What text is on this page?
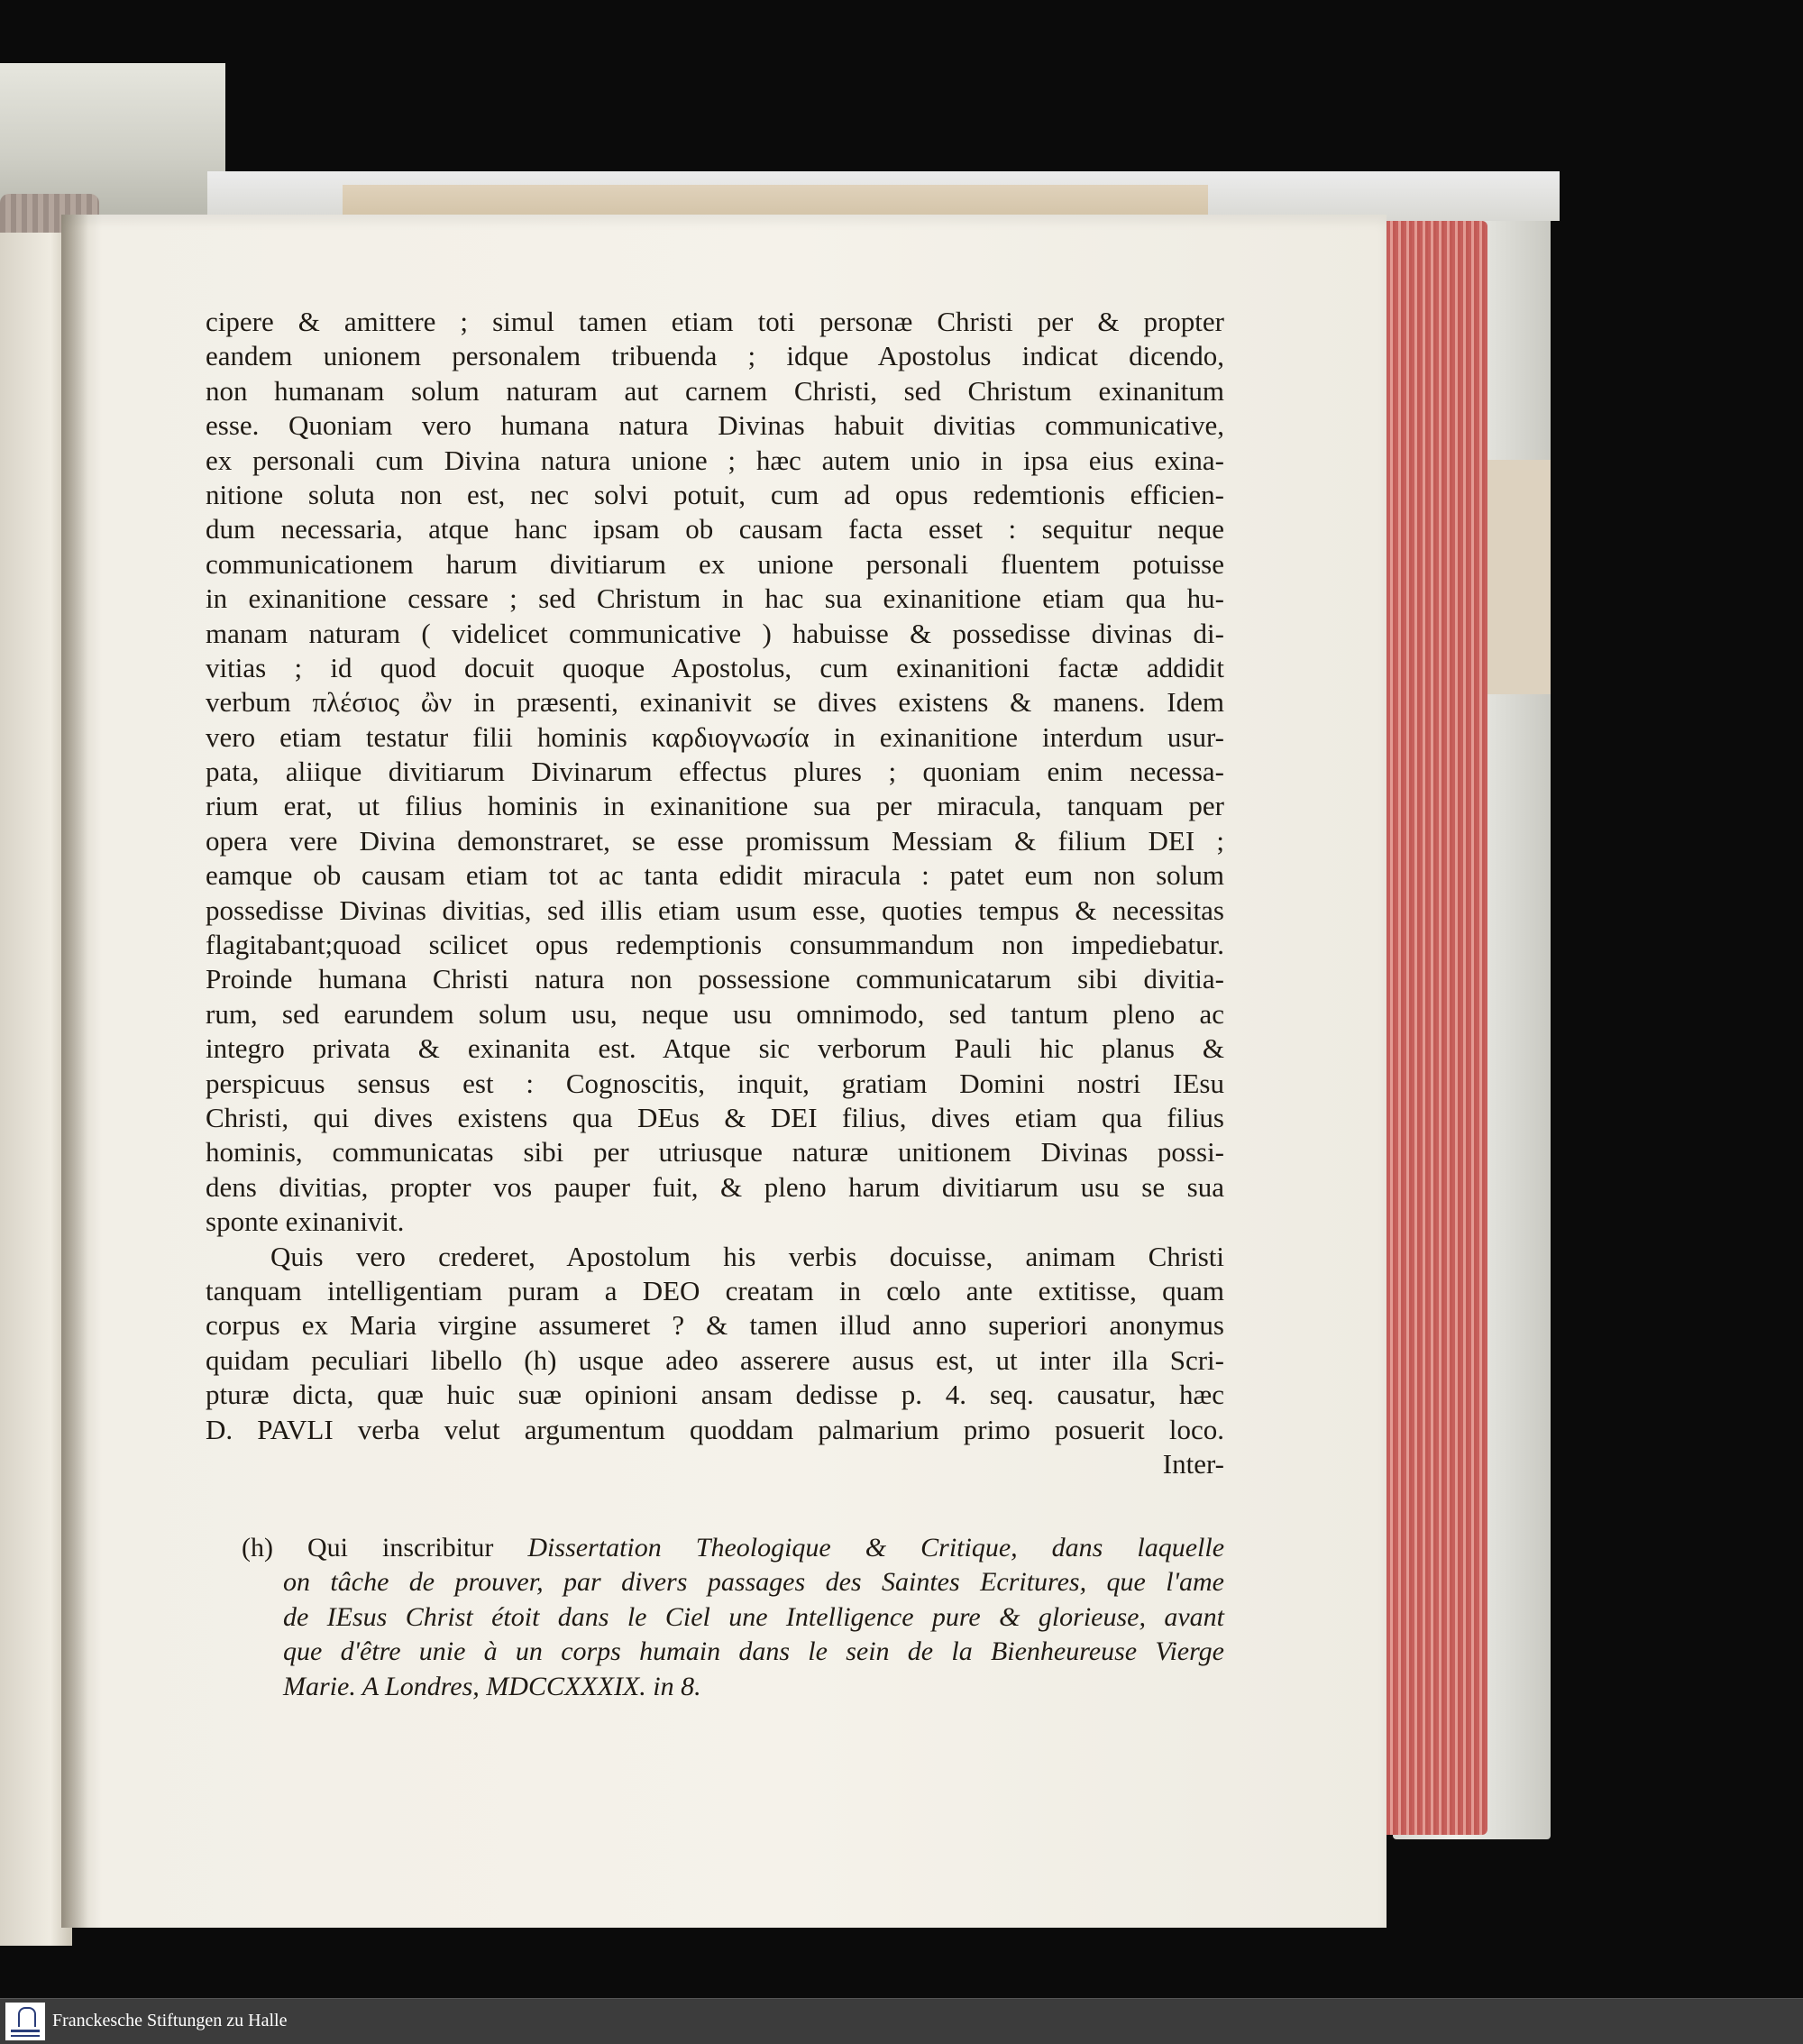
cipere & amittere ; simul tamen etiam toti personæ Christi per & propter
eandem unionem personalem tribuenda ; idque Apostolus indicat dicendo,
non humanam solum naturam aut carnem Christi, sed Christum exinanitum
esse. Quoniam vero humana natura Divinas habuit divitias communicative,
ex personali cum Divina natura unione ; hæc autem unio in ipsa eius exina-
nitione soluta non est, nec solvi potuit, cum ad opus redemtionis efficien-
dum necessaria, atque hanc ipsam ob causam facta esset : sequitur neque
communicationem harum divitiarum ex unione personali fluentem potuisse
in exinanitione cessare ; sed Christum in hac sua exinanitione etiam qua hu-
manam naturam ( videlicet communicative ) habuisse & possedisse divinas di-
vitias ; id quod docuit quoque Apostolus, cum exinanitioni factæ addidit
verbum πλέσιος ὢν in præsenti, exinanivit se dives existens & manens. Idem
vero etiam testatur filii hominis καρδιογνωσία in exinanitione interdum usur-
pata, aliique divitiarum Divinarum effectus plures ; quoniam enim necessa-
rium erat, ut filius hominis in exinanitione sua per miracula, tanquam per
opera vere Divina demonstraret, se esse promissum Messiam & filium DEI ;
eamque ob causam etiam tot ac tanta edidit miracula : patet eum non solum
possedisse Divinas divitias, sed illis etiam usum esse, quoties tempus & necessitas
flagitabant;quoad scilicet opus redemptionis consummandum non impediebatur.
Proinde humana Christi natura non possessione communicatarum sibi divitia-
rum, sed earundem solum usu, neque usu omnimodo, sed tantum pleno ac
integro privata & exinanita est. Atque sic verborum Pauli hic planus &
perspicuus sensus est : Cognoscitis, inquit, gratiam Domini nostri IEsu
Christi, qui dives existens qua DEus & DEI filius, dives etiam qua filius
hominis, communicatas sibi per utriusque naturæ unitionem Divinas possi-
dens divitias, propter vos pauper fuit, & pleno harum divitiarum usu se sua
sponte exinanivit.
Quis vero crederet, Apostolum his verbis docuisse, animam Christi
tanquam intelligentiam puram a DEO creatam in cœlo ante extitisse, quam
corpus ex Maria virgine assumeret ? & tamen illud anno superiori anonymus
quidam peculiari libello (h) usque adeo asserere ausus est, ut inter illa Scri-
pturæ dicta, quæ huic suæ opinioni ansam dedisse p. 4. seq. causatur, hæc
D. PAVLI verba velut argumentum quoddam palmarium primo posuerit loco.
Inter-
(h) Qui inscribitur Dissertation Theologique & Critique, dans laquelle
on tâche de prouver, par divers passages des Saintes Ecritures, que l'ame
de IEsus Christ étoit dans le Ciel une Intelligence pure & glorieuse, avant
que d'être unie à un corps humain dans le sein de la Bienheureuse Vierge
Marie. A Londres, MDCCXXXIX. in 8.
Franckesche Stiftungen zu Halle
